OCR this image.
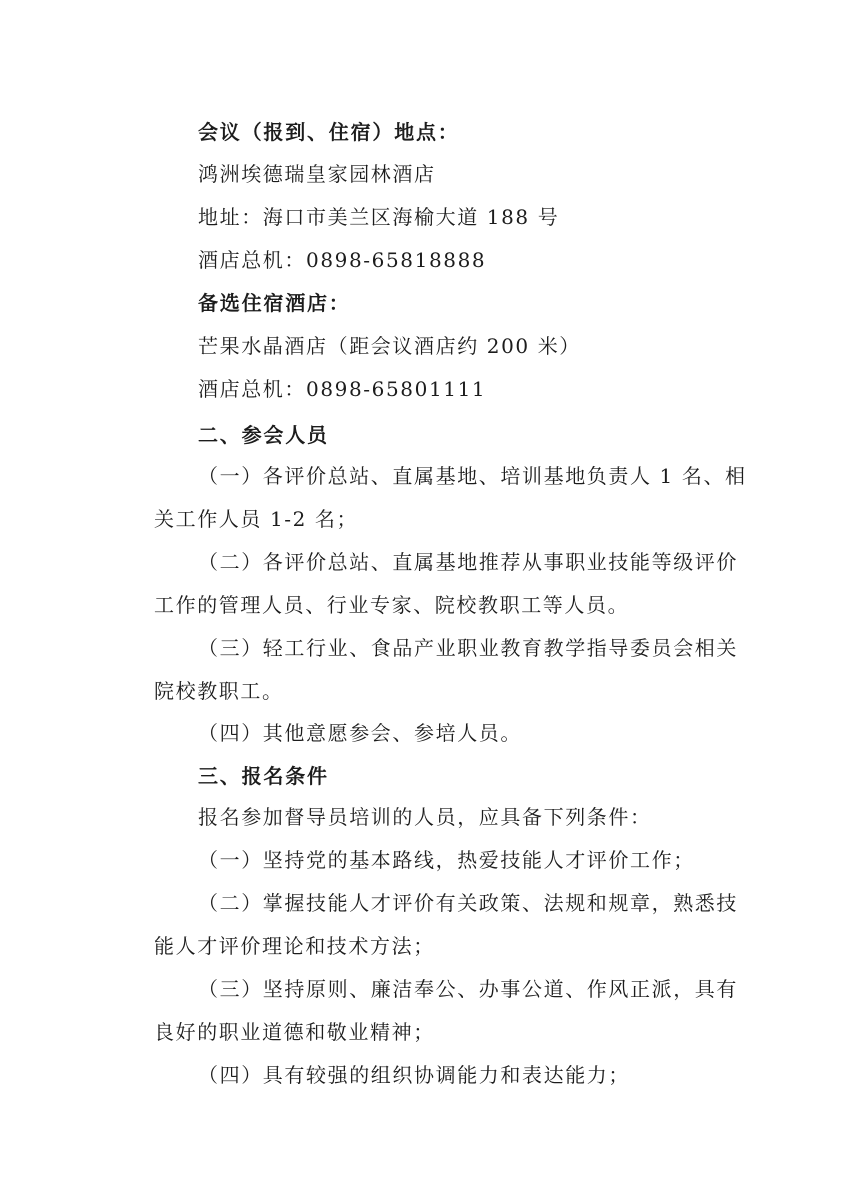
会议（报到、住宿）地点：
鸿洲埃德瑞皇家园林酒店
地址：海口市美兰区海榆大道 188 号
酒店总机：0898-65818888
备选住宿酒店：
芒果水晶酒店（距会议酒店约 200 米）
酒店总机：0898-65801111
二、参会人员
（一）各评价总站、直属基地、培训基地负责人 1 名、相
关工作人员 1-2 名；
（二）各评价总站、直属基地推荐从事职业技能等级评价
工作的管理人员、行业专家、院校教职工等人员。
（三）轻工行业、食品产业职业教育教学指导委员会相关
院校教职工。
（四）其他意愿参会、参培人员。
三、报名条件
报名参加督导员培训的人员，应具备下列条件：
（一）坚持党的基本路线，热爱技能人才评价工作；
（二）掌握技能人才评价有关政策、法规和规章，熟悉技
能人才评价理论和技术方法；
（三）坚持原则、廉洁奉公、办事公道、作风正派，具有
良好的职业道德和敬业精神；
（四）具有较强的组织协调能力和表达能力；
